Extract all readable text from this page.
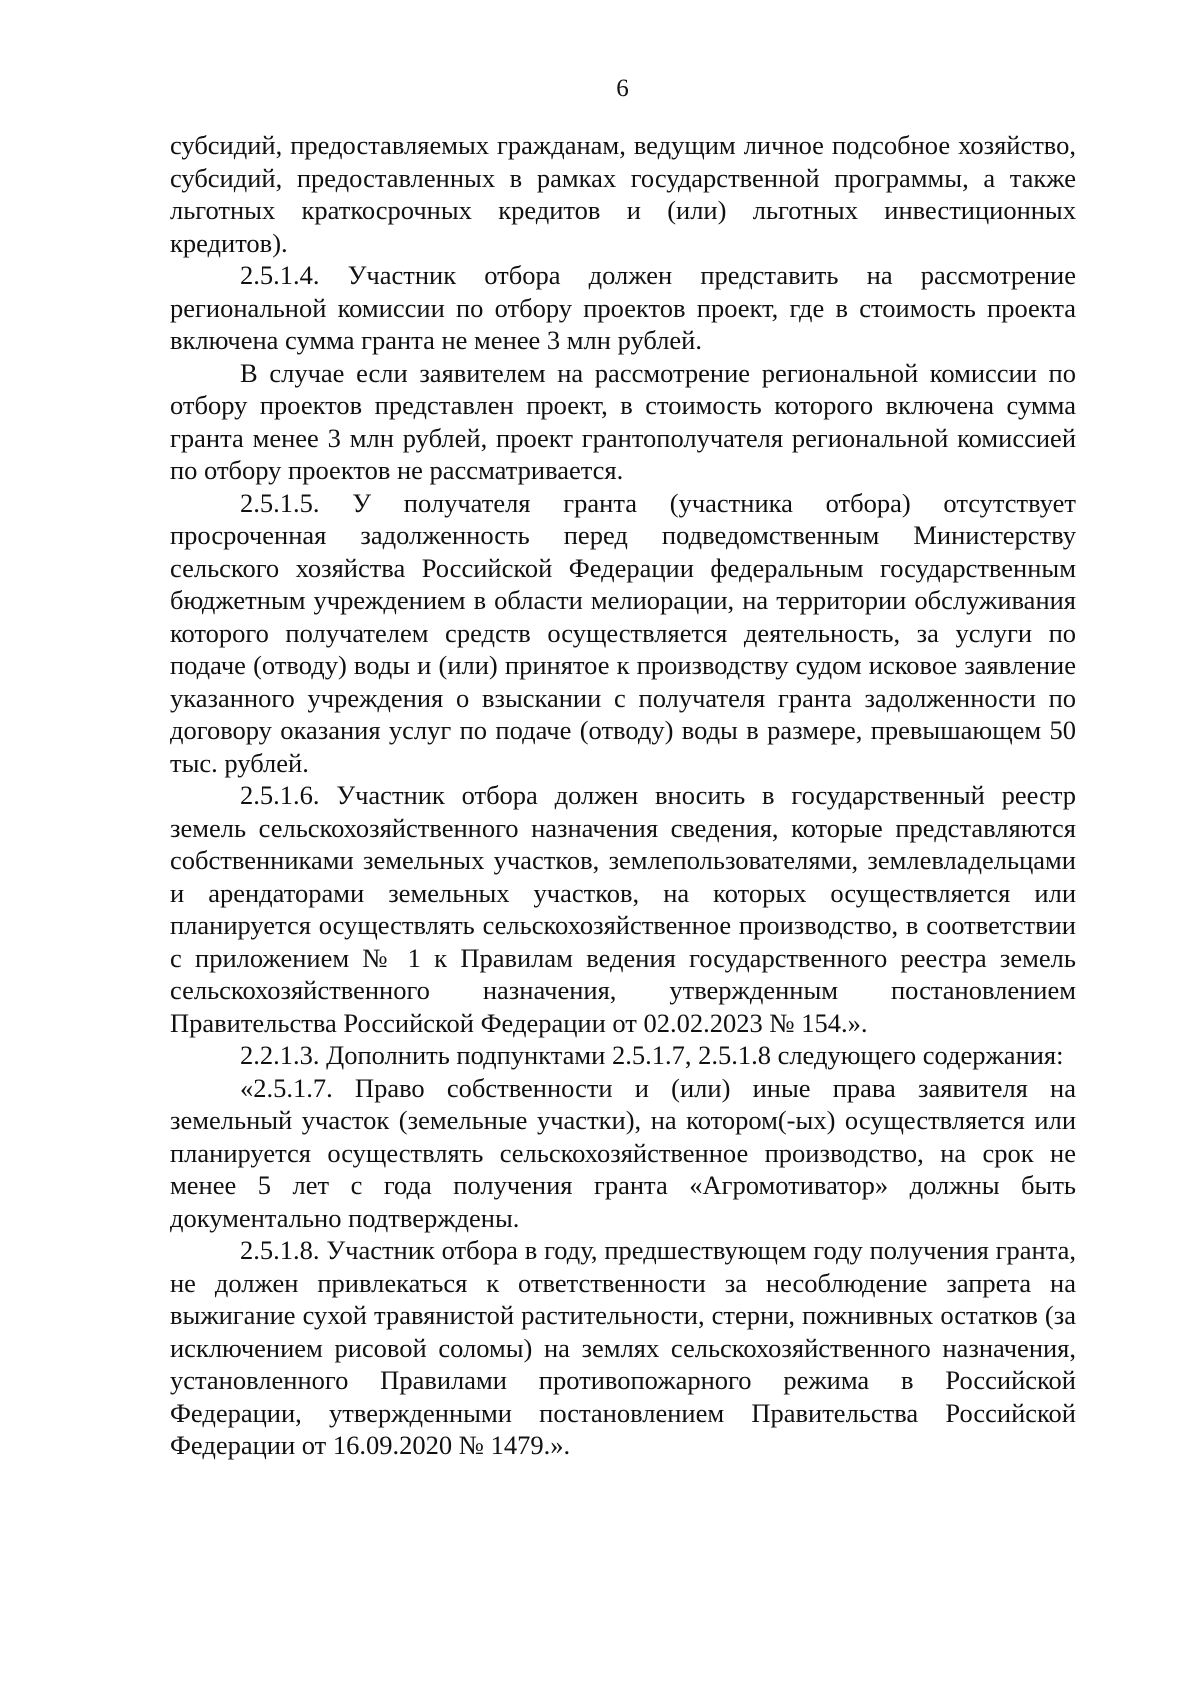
6

субсидий, предоставляемых гражданам, ведущим личное подсобное хозяйство, субсидий, предоставленных в рамках государственной программы, а также льготных краткосрочных кредитов и (или) льготных инвестиционных кредитов).

2.5.1.4. Участник отбора должен представить на рассмотрение региональной комиссии по отбору проектов проект, где в стоимость проекта включена сумма гранта не менее 3 млн рублей.

В случае если заявителем на рассмотрение региональной комиссии по отбору проектов представлен проект, в стоимость которого включена сумма гранта менее 3 млн рублей, проект грантополучателя региональной комиссией по отбору проектов не рассматривается.

2.5.1.5. У получателя гранта (участника отбора) отсутствует просроченная задолженность перед подведомственным Министерству сельского хозяйства Российской Федерации федеральным государственным бюджетным учреждением в области мелиорации, на территории обслуживания которого получателем средств осуществляется деятельность, за услуги по подаче (отводу) воды и (или) принятое к производству судом исковое заявление указанного учреждения о взыскании с получателя гранта задолженности по договору оказания услуг по подаче (отводу) воды в размере, превышающем 50 тыс. рублей.

2.5.1.6. Участник отбора должен вносить в государственный реестр земель сельскохозяйственного назначения сведения, которые представляются собственниками земельных участков, землепользователями, землевладельцами и арендаторами земельных участков, на которых осуществляется или планируется осуществлять сельскохозяйственное производство, в соответствии с приложением № 1 к Правилам ведения государственного реестра земель сельскохозяйственного назначения, утвержденным постановлением Правительства Российской Федерации от 02.02.2023 № 154.».

2.2.1.3. Дополнить подпунктами 2.5.1.7, 2.5.1.8 следующего содержания:

«2.5.1.7. Право собственности и (или) иные права заявителя на земельный участок (земельные участки), на котором(-ых) осуществляется или планируется осуществлять сельскохозяйственное производство, на срок не менее 5 лет с года получения гранта «Агромотиватор» должны быть документально подтверждены.

2.5.1.8. Участник отбора в году, предшествующем году получения гранта, не должен привлекаться к ответственности за несоблюдение запрета на выжигание сухой травянистой растительности, стерни, пожнивных остатков (за исключением рисовой соломы) на землях сельскохозяйственного назначения, установленного Правилами противопожарного режима в Российской Федерации, утвержденными постановлением Правительства Российской Федерации от 16.09.2020 № 1479.».
